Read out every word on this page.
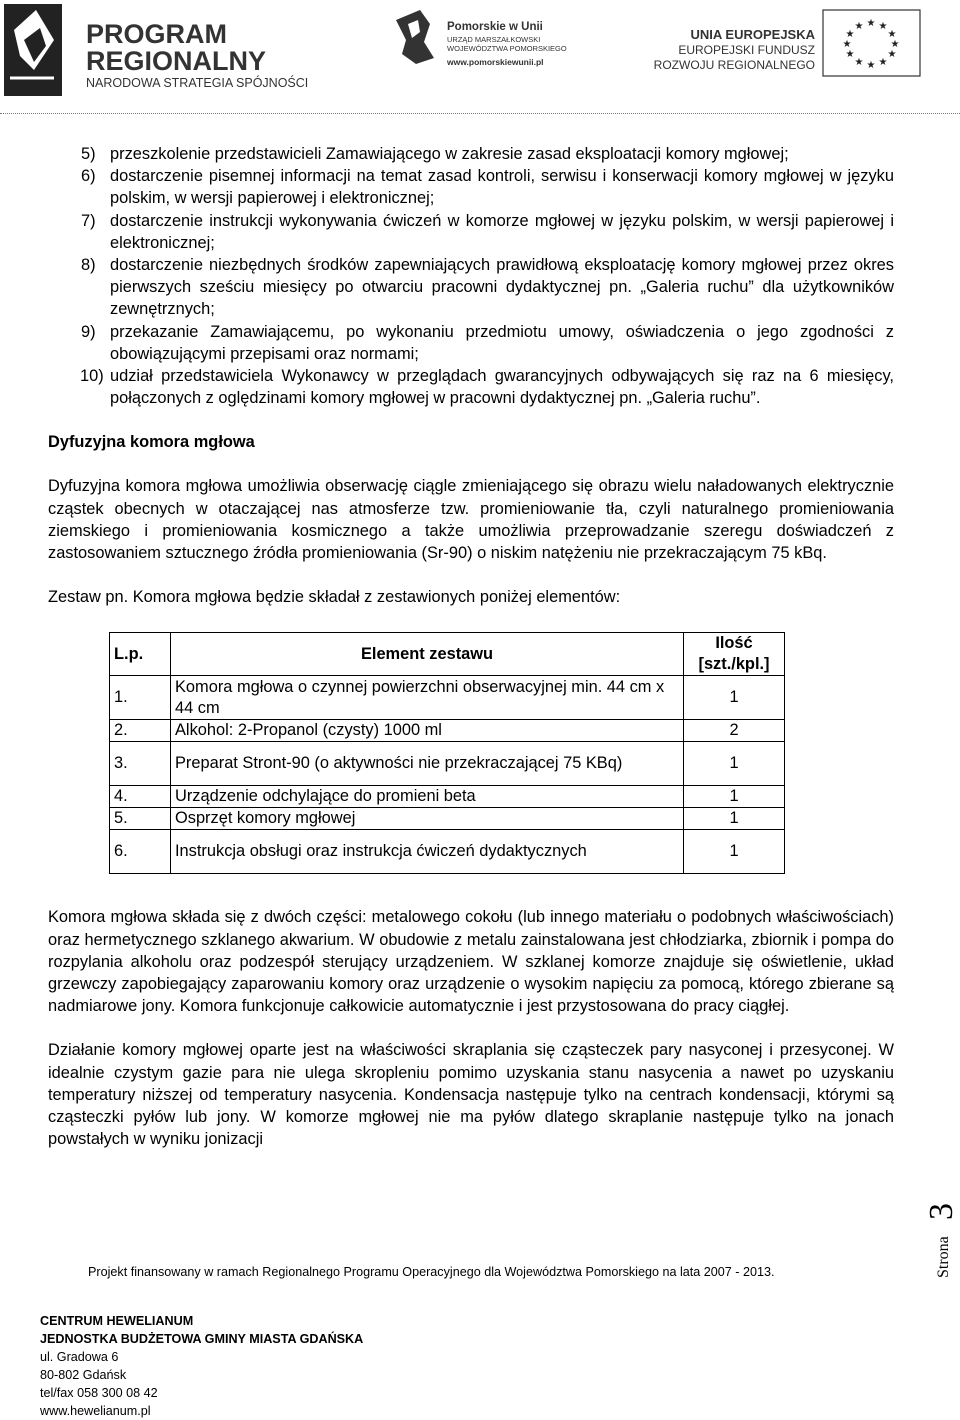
PROGRAM
REGIONALNY
NARODOWA STRATEGIA SPÓJNOŚCI
Pomorskie w Unii
URZĄD MARSZAŁKOWSKI
WOJEWÓDZTWA POMORSKIEGO
www.pomorskiewunii.pl
UNIA EUROPEJSKA
EUROPEJSKI FUNDUSZ
ROZWOJU REGIONALNEGO
★ ★
★
★
★
★
★
★
★
★
★
★
5) przeszkolenie przedstawicieli Zamawiającego w zakresie zasad eksploatacji komory mgłowej;
6) dostarczenie pisemnej informacji na temat zasad kontroli, serwisu i konserwacji komory mgłowej w języku polskim, w wersji papierowej i elektronicznej;
7) dostarczenie instrukcji wykonywania ćwiczeń w komorze mgłowej w języku polskim, w wersji papierowej i elektronicznej;
8) dostarczenie niezbędnych środków zapewniających prawidłową eksploatację komory mgłowej przez okres pierwszych sześciu miesięcy po otwarciu pracowni dydaktycznej pn. „Galeria ruchu” dla użytkowników zewnętrznych;
9) przekazanie Zamawiającemu, po wykonaniu przedmiotu umowy, oświadczenia o jego zgodności z obowiązującymi przepisami oraz normami;
10) udział przedstawiciela Wykonawcy w przeglądach gwarancyjnych odbywających się raz na 6 miesięcy, połączonych z oględzinami komory mgłowej w pracowni dydaktycznej pn. „Galeria ruchu”.
Dyfuzyjna komora mgłowa

Dyfuzyjna komora mgłowa umożliwia obserwację ciągle zmieniającego się obrazu wielu naładowanych elektrycznie cząstek obecnych w otaczającej nas atmosferze tzw. promieniowanie tła, czyli naturalnego promieniowania ziemskiego i promieniowania kosmicznego a także umożliwia przeprowadzanie szeregu doświadczeń z zastosowaniem sztucznego źródła promieniowania (Sr-90) o niskim natężeniu nie przekraczającym 75 kBq.

Zestaw pn. Komora mgłowa będzie składał z zestawionych poniżej elementów:

L.p.	Element zestawu	Ilość [szt./kpl.]
1.	Komora mgłowa o czynnej powierzchni obserwacyjnej min. 44 cm x 44 cm	1
2.	Alkohol: 2-Propanol (czysty) 1000 ml	2
3.	Preparat Stront-90 (o aktywności nie przekraczającej 75 KBq)	1
4.	Urządzenie odchylające do promieni beta	1
5.	Osprzęt komory mgłowej	1
6.	Instrukcja obsługi oraz instrukcja ćwiczeń dydaktycznych	1

Komora mgłowa składa się z dwóch części: metalowego cokołu (lub innego materiału o podobnych właściwościach) oraz hermetycznego szklanego akwarium. W obudowie z metalu zainstalowana jest chłodziarka, zbiornik i pompa do rozpylania alkoholu oraz podzespół sterujący urządzeniem. W szklanej komorze znajduje się oświetlenie, układ grzewczy zapobiegający zaparowaniu komory oraz urządzenie o wysokim napięciu za pomocą, którego zbierane są nadmiarowe jony. Komora funkcjonuje całkowicie automatycznie i jest przystosowana do pracy ciągłej.

Działanie komory mgłowej oparte jest na właściwości skraplania się cząsteczek pary nasyconej i przesyconej. W idealnie czystym gazie para nie ulega skropleniu pomimo uzyskania stanu nasycenia a nawet po uzyskaniu temperatury niższej od temperatury nasycenia. Kondensacja następuje tylko na centrach kondensacji, którymi są cząsteczki pyłów lub jony. W komorze mgłowej nie ma pyłów dlatego skraplanie następuje tylko na jonach powstałych w wyniku jonizacji

Strona
3
Projekt finansowany w ramach Regionalnego Programu Operacyjnego dla Województwa Pomorskiego na lata 2007 - 2013.
CENTRUM HEWELIANUM
JEDNOSTKA BUDŻETOWA GMINY MIASTA GDAŃSKA
ul. Gradowa 6
80-802 Gdańsk
tel/fax 058 300 08 42
www.hewelianum.pl
